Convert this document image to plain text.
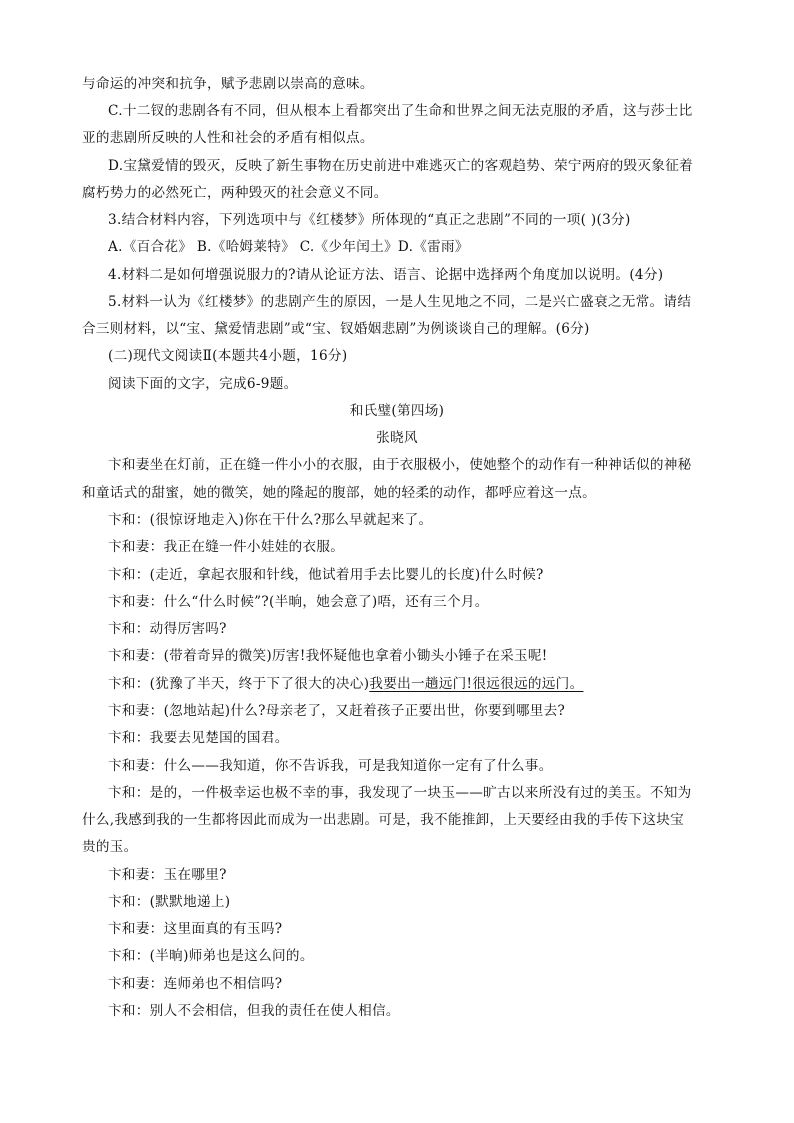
与命运的冲突和抗争，赋予悲剧以崇高的意味。
C.十二钗的悲剧各有不同，但从根本上看都突出了生命和世界之间无法克服的矛盾，这与莎士比
亚的悲剧所反映的人性和社会的矛盾有相似点。
D.宝黛爱情的毁灭，反映了新生事物在历史前进中难逃灭亡的客观趋势、荣宁两府的毁灭象征着
腐朽势力的必然死亡，两种毁灭的社会意义不同。
3.结合材料内容，下列选项中与《红楼梦》所体现的“真正之悲剧”不同的一项( )(3分)
A.《百合花》 B.《哈姆莱特》 C.《少年闰土》D.《雷雨》
4.材料二是如何增强说服力的?请从论证方法、语言、论据中选择两个角度加以说明。(4分)
5.材料一认为《红楼梦》的悲剧产生的原因，一是人生见地之不同，二是兴亡盛衰之无常。请结
合三则材料，以“宝、黛爱情悲剧”或“宝、钗婚姻悲剧”为例谈谈自己的理解。(6分)
(二)现代文阅读Ⅱ(本题共4小题，16分)
阅读下面的文字，完成6-9题。
和氏璧(第四场)
张晓风
卞和妻坐在灯前，正在缝一件小小的衣服，由于衣服极小，使她整个的动作有一种神话似的神秘
和童话式的甜蜜，她的微笑，她的隆起的腹部，她的轻柔的动作，都呼应着这一点。
卞和：(很惊讶地走入)你在干什么?那么早就起来了。
卞和妻：我正在缝一件小娃娃的衣服。
卞和：(走近，拿起衣服和针线，他试着用手去比婴儿的长度)什么时候?
卞和妻：什么“什么时候”?(半晌，她会意了)唔，还有三个月。
卞和：动得厉害吗?
卞和妻：(带着奇异的微笑)厉害!我怀疑他也拿着小锄头小锤子在采玉呢!
卞和：(犹豫了半天，终于下了很大的决心)我要出一趟远门!很远很远的远门。
卞和妻：(忽地站起)什么?母亲老了，又赶着孩子正要出世，你要到哪里去?
卞和：我要去见楚国的国君。
卞和妻：什么——我知道，你不告诉我，可是我知道你一定有了什么事。
卞和：是的，一件极幸运也极不幸的事，我发现了一块玉——旷古以来所没有过的美玉。不知为
什么,我感到我的一生都将因此而成为一出悲剧。可是，我不能推卸，上天要经由我的手传下这块宝
贵的玉。
卞和妻：玉在哪里?
卞和：(默默地递上)
卞和妻：这里面真的有玉吗?
卞和：(半晌)师弟也是这么问的。
卞和妻：连师弟也不相信吗?
卞和：别人不会相信，但我的责任在使人相信。
